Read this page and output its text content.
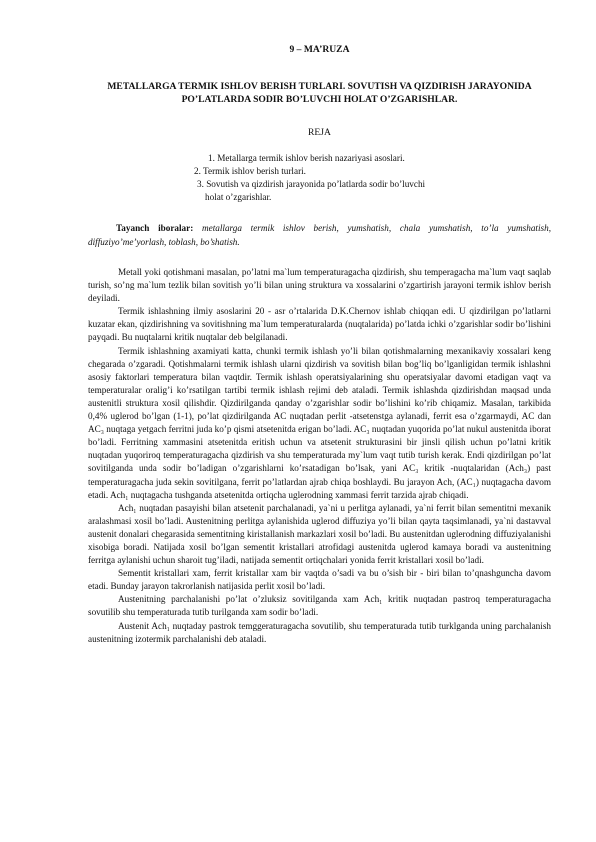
9 – MA’RUZA
METALLARGA TERMIK ISHLOV BERISH TURLARI. SOVUTISH VA QIZDIRISH JARAYONIDA PO’LATLARDA SODIR BO’LUVCHI HOLAT O’ZGARISHLAR.
REJA
1. Metallarga termik ishlov berish nazariyasi asoslari.
2. Termik ishlov berish turlari.
3. Sovutish va qizdirish jarayonida po’latlarda sodir bo’luvchi
holat o’zgarishlar.
Tayanch iboralar: metallarga termik ishlov berish, yumshatish, chala yumshatish, to’la yumshatish, diffuziyo’me’yorlash, toblash, bo’shatish.

Metall yoki qotishmani masalan, po’latni ma`lum temperaturagacha qizdirish, shu temperagacha ma`lum vaqt saqlab turish, so’ng ma`lum tezlik bilan sovitish yo’li bilan uning struktura va xossalarini o’zgartirish jarayoni termik ishlov berish deyiladi.

Termik ishlashning ilmiy asoslarini 20 - asr o’rtalarida D.K.Chernov ishlab chiqqan edi. U qizdirilgan po’latlarni kuzatar ekan, qizdirishning va sovitishning ma`lum temperaturalarda (nuqtalarida) po’latda ichki o’zgarishlar sodir bo’lishini payqadi. Bu nuqtalarni kritik nuqtalar deb belgilanadi.

Termik ishlashning axamiyati katta, chunki termik ishlash yo’li bilan qotishmalarning mexanikaviy xossalari keng chegarada o’zgaradi. Qotishmalarni termik ishlash ularni qizdirish va sovitish bilan bog’liq bo’lganligidan termik ishlashni asosiy faktorlari temperatura bilan vaqtdir. Termik ishlash operatsiyalarining shu operatsiyalar davomi etadigan vaqt va temperaturalar oralig’i ko’rsatilgan tartibi termik ishlash rejimi deb ataladi. Termik ishlashda qizdirishdan maqsad unda austenitli struktura xosil qilishdir. Qizdirilganda qanday o’zgarishlar sodir bo’lishini ko’rib chiqamiz. Masalan, tarkibida 0,4% uglerod bo’lgan (1-1), po’lat qizdirilganda AC nuqtadan perlit -atsetenstga aylanadi, ferrit esa o’zgarmaydi, AC dan AC₃ nuqtaga yetgach ferritni juda ko’p qismi atsetenitda erigan bo’ladi. AC₃ nuqtadan yuqorida po’lat nukul austenitda iborat bo’ladi. Ferritning xammasini atsetenitda eritish uchun va atsetenit strukturasini bir jinsli qilish uchun po’latni kritik nuqtadan yuqoriroq temperaturagacha qizdirish va shu temperaturada my`lum vaqt tutib turish kerak. Endi qizdirilgan po’lat sovitilganda unda sodir bo’ladigan o’zgarishlarni ko’rsatadigan bo’lsak, yani AC₃ kritik -nuqtalaridan (Ach₃) past temperaturagacha juda sekin sovitilgana, ferrit po’latlardan ajrab chiqa boshlaydi. Bu jarayon Ach, (AC₁) nuqtagacha davom etadi. Ach₁ nuqtagacha tushganda atsetenitda ortiqcha uglerodning xammasi ferrit tarzida ajrab chiqadi.

Ach₁ nuqtadan pasayishi bilan atsetenit parchalanadi, ya`ni u perlitga aylanadi, ya`ni ferrit bilan sementitni mexanik aralashmasi xosil bo’ladi. Austenitning perlitga aylanishida uglerod diffuziya yo’li bilan qayta taqsimlanadi, ya`ni dastavval austenit donalari chegarasida sementitning kiristallanish markazlari xosil bo’ladi. Bu austenitdan uglerodning diffuziyalanishi xisobiga boradi. Natijada xosil bo’lgan sementit kristallari atrofidagi austenitda uglerod kamaya boradi va austenitning ferritga aylanishi uchun sharoit tug’iladi, natijada sementit ortiqchalari yonida ferrit kristallari xosil bo’ladi.

Sementit kristallari xam, ferrit kristallar xam bir vaqtda o’sadi va bu o’sish bir - biri bilan to’qnashguncha davom etadi. Bunday jarayon takrorlanish natijasida perlit xosil bo’ladi.

Austenitning parchalanishi po’lat o’zluksiz sovitilganda xam Ach₁ kritik nuqtadan pastroq temperaturagacha sovutilib shu temperaturada tutib turilganda xam sodir bo’ladi.

Austenit Ach₁ nuqtaday pastrok temggeraturagacha sovutilib, shu temperaturada tutib turklganda uning parchalanish austenitning izotermik parchalanishi deb ataladi.
